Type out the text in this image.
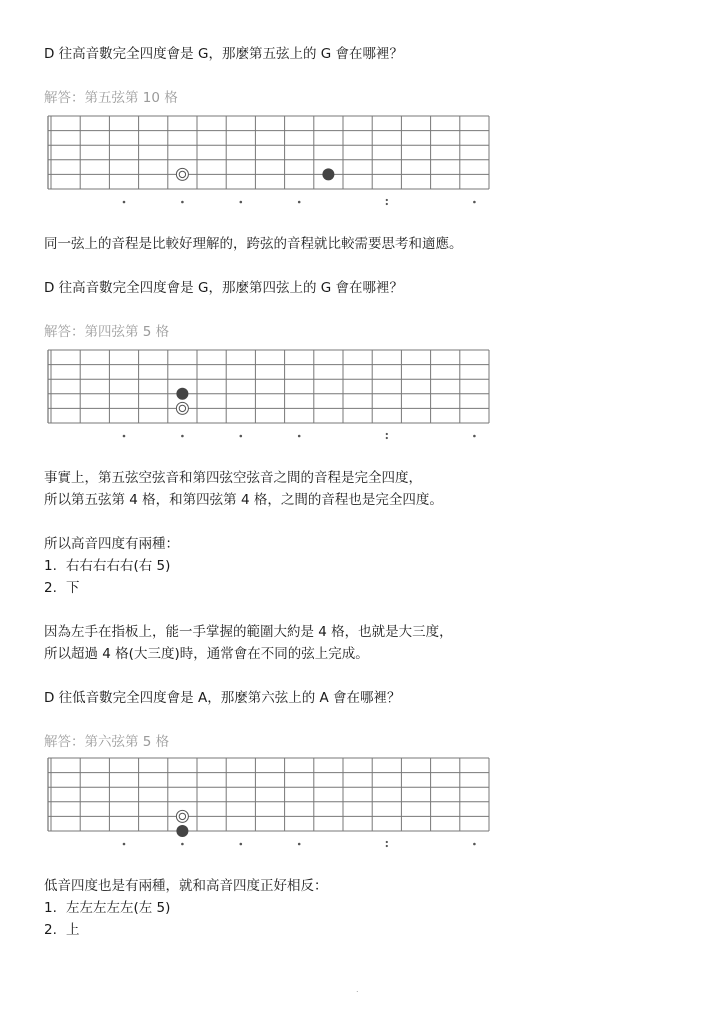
D 往高音數完全四度會是 G，那麼第五弦上的 G 會在哪裡？
解答：第五弦第 10 格
同一弦上的音程是比較好理解的，跨弦的音程就比較需要思考和適應。
D 往高音數完全四度會是 G，那麼第四弦上的 G 會在哪裡？
解答：第四弦第 5 格
事實上，第五弦空弦音和第四弦空弦音之間的音程是完全四度，
所以第五弦第 4 格，和第四弦第 4 格，之間的音程也是完全四度。
所以高音四度有兩種：
1. 右右右右右(右 5)
2. 下
因為左手在指板上，能一手掌握的範圍大約是 4 格，也就是大三度，
所以超過 4 格(大三度)時，通常會在不同的弦上完成。
D 往低音數完全四度會是 A，那麼第六弦上的 A 會在哪裡？
解答：第六弦第 5 格
低音四度也是有兩種，就和高音四度正好相反：
1. 左左左左左(左 5)
2. 上
.
